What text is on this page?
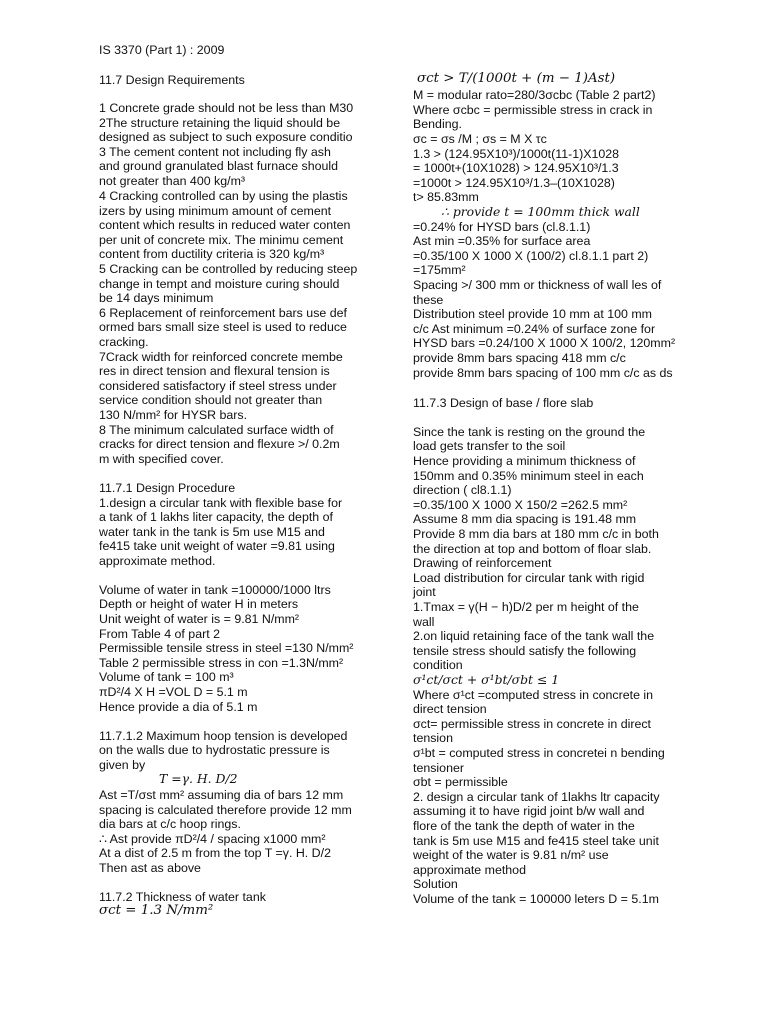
IS 3370 (Part 1) : 2009

11.7 Design Requirements

1 Concrete grade should not be less than M30

2The structure retaining the liquid should be

designed as subject to such exposure conditio

3 The cement content not including fly ash

and ground granulated blast furnace should

not greater than 400 kg/m³

4 Cracking controlled can by using the plastis

izers by using minimum amount of cement

content which results in reduced water conten

per unit of concrete mix. The minimu cement

content from ductility criteria is 320 kg/m³

5 Cracking can be controlled by reducing steep

change in tempt and moisture curing should

be 14 days minimum

6 Replacement of reinforcement bars use def

ormed bars small size steel is used to reduce

cracking.

7Crack width for reinforced concrete membe

res in direct tension and flexural tension is

considered satisfactory if steel stress under

service condition should not greater than

130 N/mm² for HYSR bars.

8 The minimum calculated surface width of

cracks for direct tension and flexure >/ 0.2m

m with specified cover.

11.7.1 Design Procedure

1.design a circular tank with flexible base for

a tank of 1 lakhs liter capacity, the depth of

water tank in the tank is 5m use M15 and

fe415 take unit weight of water =9.81 using

approximate method.

Volume of water in tank =100000/1000 ltrs

Depth or height of water H in meters

Unit weight of water is = 9.81 N/mm²

From Table 4 of part 2

Permissible tensile stress in steel =130 N/mm²

Table 2 permissible stress in con =1.3N/mm²

Volume of tank = 100 m³

πD²/4 X H =VOL D = 5.1 m

Hence provide a dia of 5.1 m

11.7.1.2 Maximum hoop tension is developed

on the walls due to hydrostatic pressure is

given by

T =γ. H. D/2

Ast =T/σst mm² assuming dia of bars 12 mm

spacing is calculated therefore provide 12 mm

dia bars at c/c hoop rings.

∴ Ast provide πD²/4 / spacing x1000 mm²

At a dist of 2.5 m from the top T =γ. H. D/2

Then ast as above

11.7.2 Thickness of water tank

σct = 1.3 N/mm²

σct > T/(1000t + (m − 1)Ast)

M = modular rato=280/3σcbc (Table 2 part2)

Where σcbc = permissible stress in crack in

Bending.

σc = σs /M ; σs = M X τc

1.3 > (124.95X10³)/1000t(11-1)X1028

= 1000t+(10X1028) > 124.95X10³/1.3

=1000t > 124.95X10³/1.3–(10X1028)

t> 85.83mm

∴ provide t = 100mm thick wall

=0.24% for HYSD bars (cl.8.1.1)

Ast min =0.35% for surface area

=0.35/100 X 1000 X (100/2) cl.8.1.1 part 2)

=175mm²

Spacing >/ 300 mm or thickness of wall les of

these

Distribution steel provide 10 mm at 100 mm

c/c Ast minimum =0.24% of surface zone for

HYSD bars =0.24/100 X 1000 X 100/2, 120mm²

provide 8mm bars spacing 418 mm c/c

provide 8mm bars spacing of 100 mm c/c as ds

11.7.3 Design of base / flore slab

Since the tank is resting on the ground the

load gets transfer to the soil

Hence providing a minimum thickness of

150mm and 0.35% minimum steel in each

direction ( cl8.1.1)

=0.35/100 X 1000 X 150/2 =262.5 mm²

Assume 8 mm dia spacing is 191.48 mm

Provide 8 mm dia bars at 180 mm c/c in both

the direction at top and bottom of floar slab.

Drawing of reinforcement

Load distribution for circular tank with rigid

joint

1.Tmax = γ(H − h)D/2 per m height of the

wall

2.on liquid retaining face of the tank wall the

tensile stress should satisfy the following

condition

σ¹ct/σct + σ¹bt/σbt ≤ 1

Where σ¹ct =computed stress in concrete in

direct tension

σct= permissible stress in concrete in direct

tension

σ¹bt = computed stress in concretei n bending

tensioner

σbt = permissible

2. design a circular tank of 1lakhs ltr capacity

assuming it to have rigid joint b/w wall and

flore of the tank the depth of water in the

tank is 5m use M15 and fe415 steel take unit

weight of the water is 9.81 n/m² use

approximate method

Solution

Volume of the tank = 100000 leters D = 5.1m
